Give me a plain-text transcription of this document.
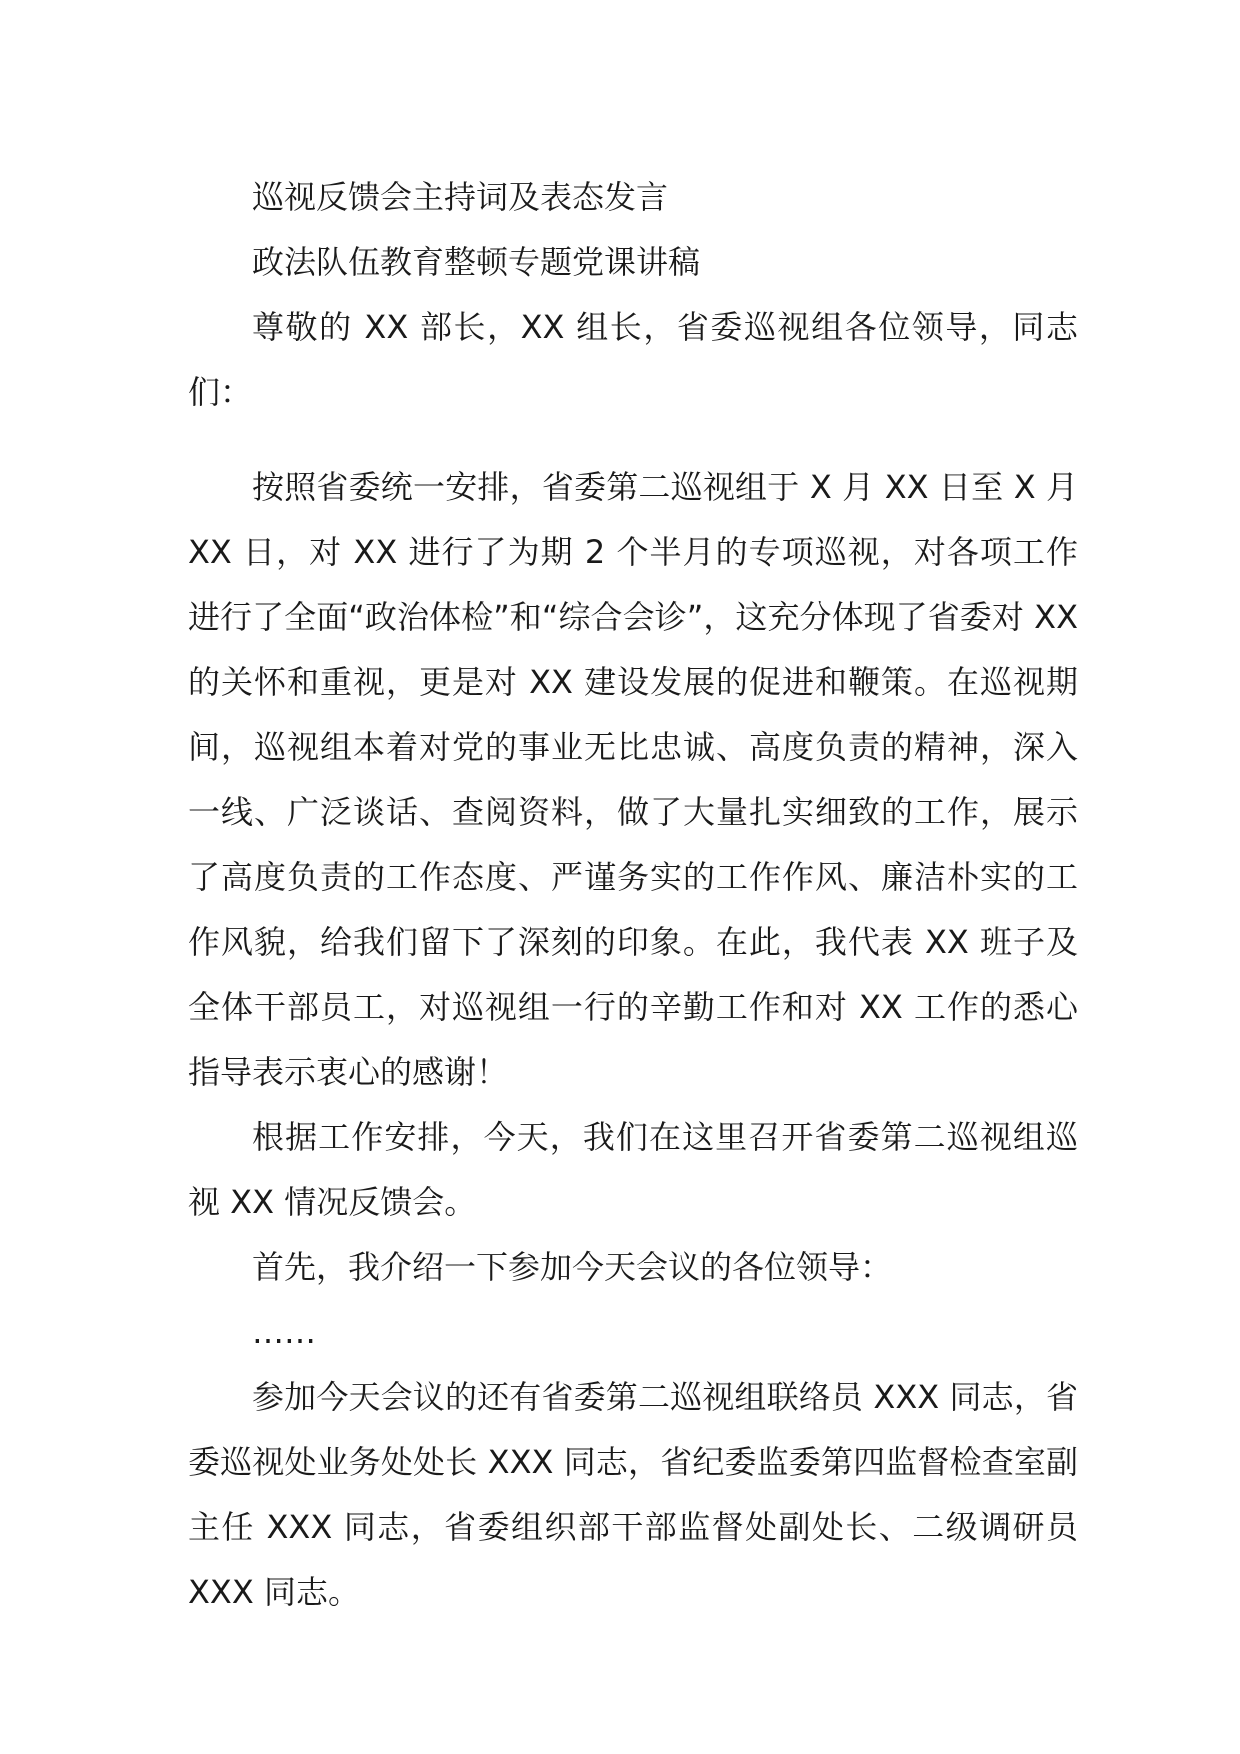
巡视反馈会主持词及表态发言

政法队伍教育整顿专题党课讲稿

尊敬的 XX 部长，XX 组长，省委巡视组各位领导，同志们：

按照省委统一安排，省委第二巡视组于 X 月 XX 日至 X 月 XX 日，对 XX 进行了为期 2 个半月的专项巡视，对各项工作进行了全面“政治体检”和“综合会诊”，这充分体现了省委对 XX 的关怀和重视，更是对 XX 建设发展的促进和鞭策。在巡视期间，巡视组本着对党的事业无比忠诚、高度负责的精神，深入一线、广泛谈话、查阅资料，做了大量扎实细致的工作，展示了高度负责的工作态度、严谨务实的工作作风、廉洁朴实的工作风貌，给我们留下了深刻的印象。在此，我代表 XX 班子及全体干部员工，对巡视组一行的辛勤工作和对 XX 工作的悉心指导表示衷心的感谢！

根据工作安排，今天，我们在这里召开省委第二巡视组巡视 XX 情况反馈会。

首先，我介绍一下参加今天会议的各位领导：

……

参加今天会议的还有省委第二巡视组联络员 XXX 同志，省委巡视处业务处处长 XXX 同志，省纪委监委第四监督检查室副主任 XXX 同志，省委组织部干部监督处副处长、二级调研员 XXX 同志。
